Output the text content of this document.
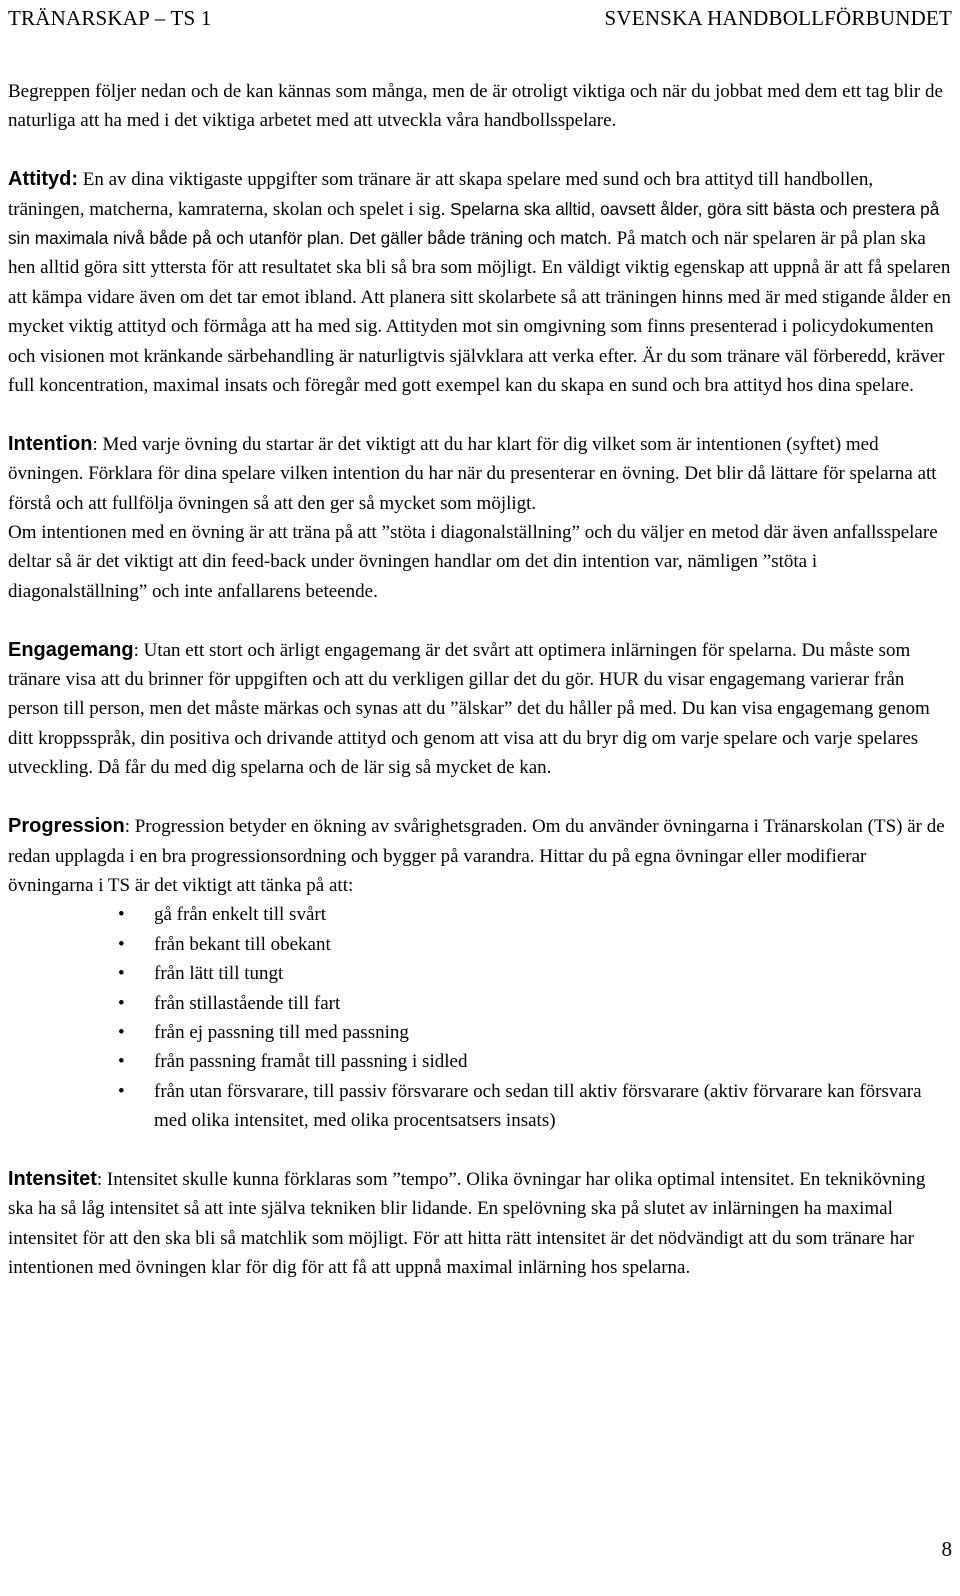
TRÄNARSKAP – TS 1	SVENSKA HANDBOLLFÖRBUNDET

Begreppen följer nedan och de kan kännas som många, men de är otroligt viktiga och när du jobbat med dem ett tag blir de naturliga att ha med i det viktiga arbetet med att utveckla våra handbollsspelare.

Attityd: En av dina viktigaste uppgifter som tränare är att skapa spelare med sund och bra attityd till handbollen, träningen, matcherna, kamraterna, skolan och spelet i sig. Spelarna ska alltid, oavsett ålder, göra sitt bästa och prestera på sin maximala nivå både på och utanför plan. Det gäller både träning och match. På match och när spelaren är på plan ska hen alltid göra sitt yttersta för att resultatet ska bli så bra som möjligt. En väldigt viktig egenskap att uppnå är att få spelaren att kämpa vidare även om det tar emot ibland. Att planera sitt skolarbete så att träningen hinns med är med stigande ålder en mycket viktig attityd och förmåga att ha med sig. Attityden mot sin omgivning som finns presenterad i policydokumenten och visionen mot kränkande särbehandling är naturligtvis självklara att verka efter. Är du som tränare väl förberedd, kräver full koncentration, maximal insats och föregår med gott exempel kan du skapa en sund och bra attityd hos dina spelare.

Intention: Med varje övning du startar är det viktigt att du har klart för dig vilket som är intentionen (syftet) med övningen. Förklara för dina spelare vilken intention du har när du presenterar en övning. Det blir då lättare för spelarna att förstå och att fullfölja övningen så att den ger så mycket som möjligt.

Om intentionen med en övning är att träna på att ”stöta i diagonalställning” och du väljer en metod där även anfallsspelare deltar så är det viktigt att din feed-back under övningen handlar om det din intention var, nämligen ”stöta i diagonalställning” och inte anfallarens beteende.

Engagemang: Utan ett stort och ärligt engagemang är det svårt att optimera inlärningen för spelarna. Du måste som tränare visa att du brinner för uppgiften och att du verkligen gillar det du gör. HUR du visar engagemang varierar från person till person, men det måste märkas och synas att du ”älskar” det du håller på med. Du kan visa engagemang genom ditt kroppsspråk, din positiva och drivande attityd och genom att visa att du bryr dig om varje spelare och varje spelares utveckling. Då får du med dig spelarna och de lär sig så mycket de kan.

Progression: Progression betyder en ökning av svårighetsgraden. Om du använder övningarna i Tränarskolan (TS) är de redan upplagda i en bra progressionsordning och bygger på varandra. Hittar du på egna övningar eller modifierar övningarna i TS är det viktigt att tänka på att:

• gå från enkelt till svårt
• från bekant till obekant
• från lätt till tungt
• från stillastående till fart
• från ej passning till med passning
• från passning framåt till passning i sidled
• från utan försvarare, till passiv försvarare och sedan till aktiv försvarare (aktiv förvarare kan försvara med olika intensitet, med olika procentsatsers insats)

Intensitet: Intensitet skulle kunna förklaras som ”tempo”. Olika övningar har olika optimal intensitet. En teknikövning ska ha så låg intensitet så att inte själva tekniken blir lidande. En spelövning ska på slutet av inlärningen ha maximal intensitet för att den ska bli så matchlik som möjligt. För att hitta rätt intensitet är det nödvändigt att du som tränare har intentionen med övningen klar för dig för att få att uppnå maximal inlärning hos spelarna.

8
